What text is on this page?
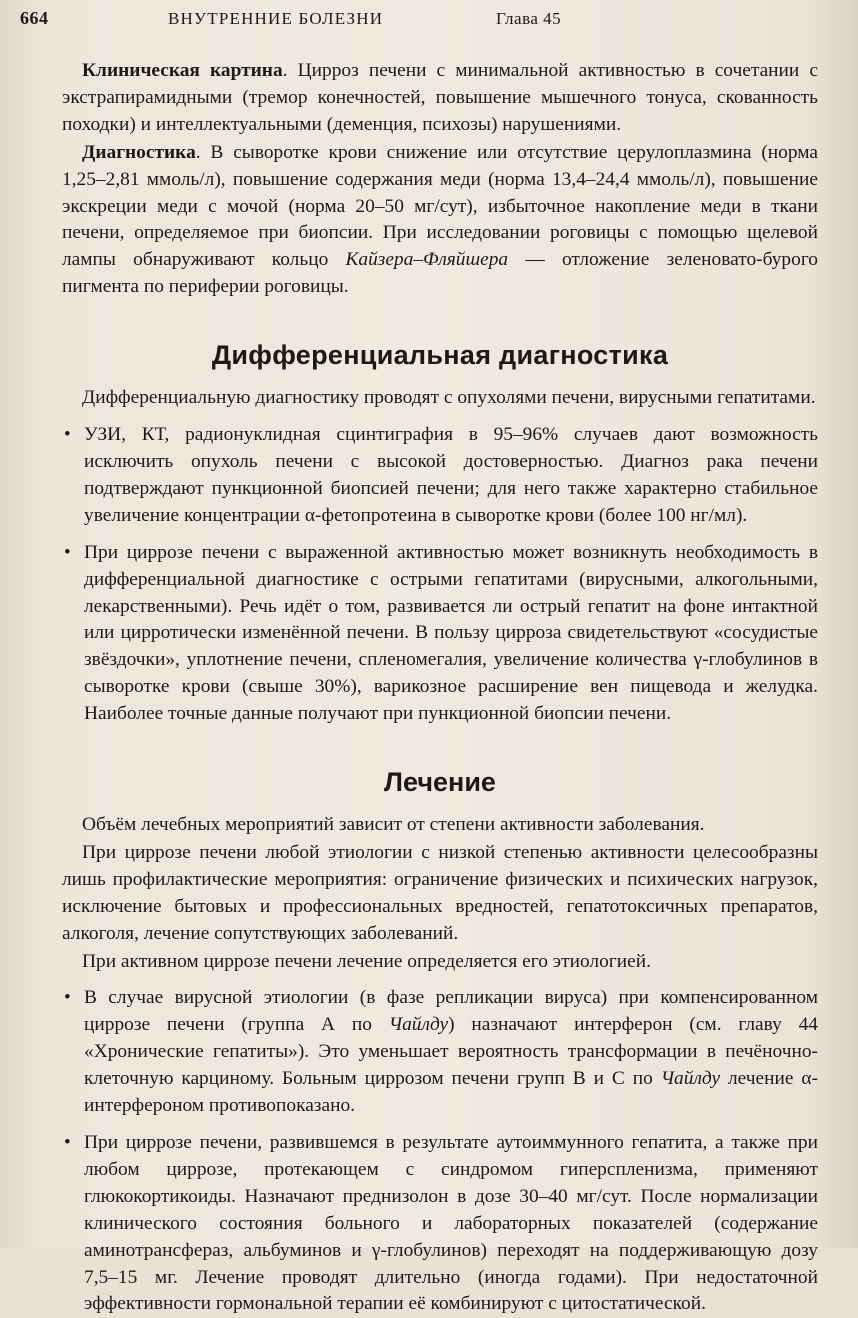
664	ВНУТРЕННИЕ БОЛЕЗНИ	Глава 45

Клиническая картина. Цирроз печени с минимальной активностью в сочетании с экстрапирамидными (тремор конечностей, повышение мышечного тонуса, скованность походки) и интеллектуальными (деменция, психозы) нарушениями.

Диагностика. В сыворотке крови снижение или отсутствие церулоплазмина (норма 1,25–2,81 ммоль/л), повышение содержания меди (норма 13,4–24,4 ммоль/л), повышение экскреции меди с мочой (норма 20–50 мг/сут), избыточное накопление меди в ткани печени, определяемое при биопсии. При исследовании роговицы с помощью щелевой лампы обнаруживают кольцо Кайзера–Фляйшера — отложение зеленовато-бурого пигмента по периферии роговицы.

Дифференциальная диагностика

Дифференциальную диагностику проводят с опухолями печени, вирусными гепатитами.

• УЗИ, КТ, радионуклидная сцинтиграфия в 95–96% случаев дают возможность исключить опухоль печени с высокой достоверностью. Диагноз рака печени подтверждают пункционной биопсией печени; для него также характерно стабильное увеличение концентрации α-фетопротеина в сыворотке крови (более 100 нг/мл).
• При циррозе печени с выраженной активностью может возникнуть необходимость в дифференциальной диагностике с острыми гепатитами (вирусными, алкогольными, лекарственными). Речь идёт о том, развивается ли острый гепатит на фоне интактной или цирротически изменённой печени. В пользу цирроза свидетельствуют «сосудистые звёздочки», уплотнение печени, спленомегалия, увеличение количества γ-глобулинов в сыворотке крови (свыше 30%), варикозное расширение вен пищевода и желудка. Наиболее точные данные получают при пункционной биопсии печени.
Лечение

Объём лечебных мероприятий зависит от степени активности заболевания.

При циррозе печени любой этиологии с низкой степенью активности целесообразны лишь профилактические мероприятия: ограничение физических и психических нагрузок, исключение бытовых и профессиональных вредностей, гепатотоксичных препаратов, алкоголя, лечение сопутствующих заболеваний.

При активном циррозе печени лечение определяется его этиологией.

• В случае вирусной этиологии (в фазе репликации вируса) при компенсированном циррозе печени (группа А по Чайлду) назначают интерферон (см. главу 44 «Хронические гепатиты»). Это уменьшает вероятность трансформации в печёночно-клеточную карциному. Больным циррозом печени групп В и С по Чайлду лечение α-интерфероном противопоказано.
• При циррозе печени, развившемся в результате аутоиммунного гепатита, а также при любом циррозе, протекающем с синдромом гиперспленизма, применяют глюкокортикоиды. Назначают преднизолон в дозе 30–40 мг/сут. После нормализации клинического состояния больного и лабораторных показателей (содержание аминотрансфераз, альбуминов и γ-глобулинов) переходят на поддерживающую дозу 7,5–15 мг. Лечение проводят длительно (иногда годами). При недостаточной эффективности гормональной терапии её комбинируют с цитостатической.
